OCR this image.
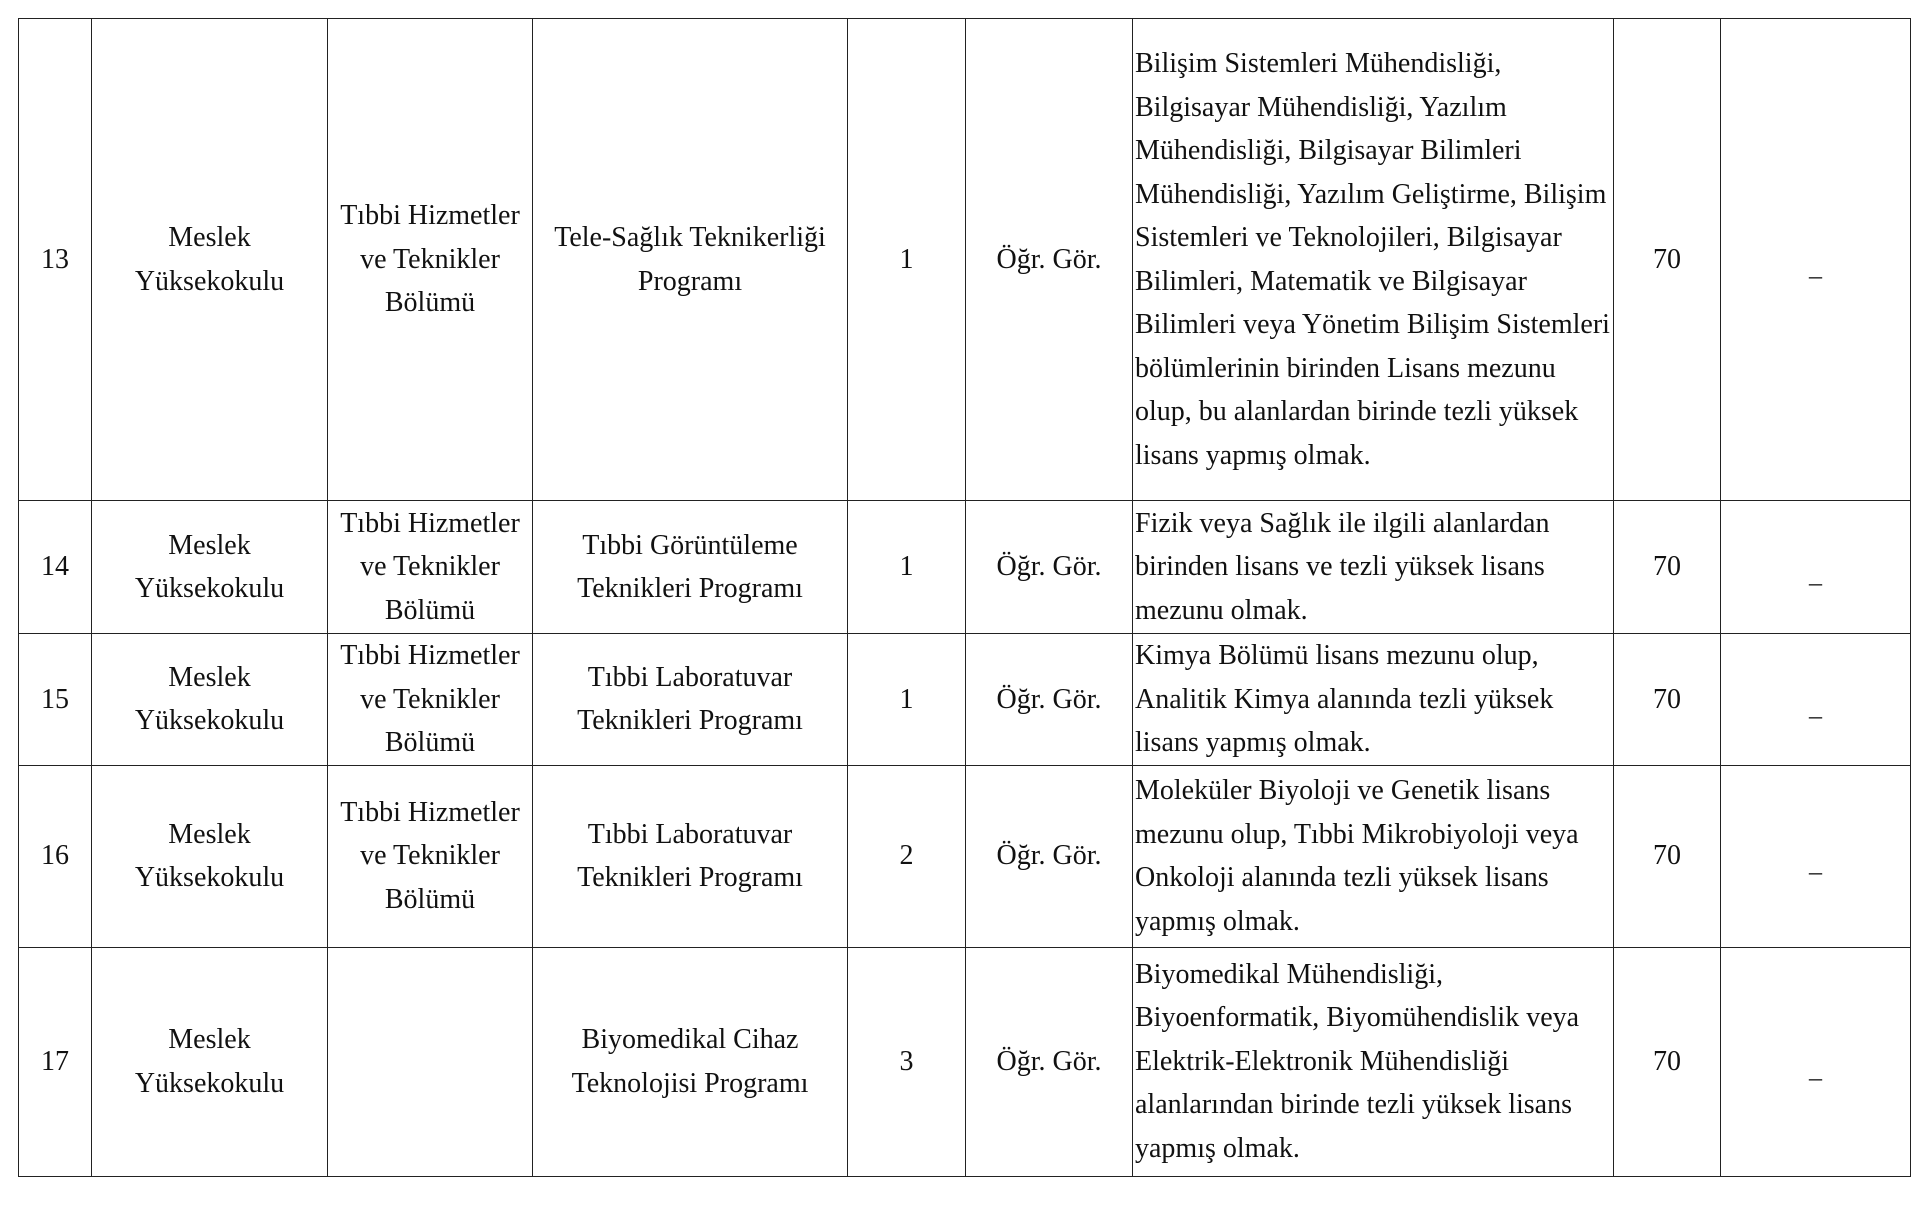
13	Meslek Yüksekokulu	Tıbbi Hizmetler ve Teknikler Bölümü	Tele-Sağlık Teknikerliği Programı	1	Öğr. Gör.	Bilişim Sistemleri Mühendisliği, Bilgisayar Mühendisliği, Yazılım Mühendisliği, Bilgisayar Bilimleri Mühendisliği, Yazılım Geliştirme, Bilişim Sistemleri ve Teknolojileri, Bilgisayar Bilimleri, Matematik ve Bilgisayar Bilimleri veya Yönetim Bilişim Sistemleri bölümlerinin birinden Lisans mezunu olup, bu alanlardan birinde tezli yüksek lisans yapmış olmak.	70	_
14	Meslek Yüksekokulu	Tıbbi Hizmetler ve Teknikler Bölümü	Tıbbi Görüntüleme Teknikleri Programı	1	Öğr. Gör.	Fizik veya Sağlık ile ilgili alanlardan birinden lisans ve tezli yüksek lisans mezunu olmak.	70	_
15	Meslek Yüksekokulu	Tıbbi Hizmetler ve Teknikler Bölümü	Tıbbi Laboratuvar Teknikleri Programı	1	Öğr. Gör.	Kimya Bölümü lisans mezunu olup, Analitik Kimya alanında tezli yüksek lisans yapmış olmak.	70	_
16	Meslek Yüksekokulu	Tıbbi Hizmetler ve Teknikler Bölümü	Tıbbi Laboratuvar Teknikleri Programı	2	Öğr. Gör.	Moleküler Biyoloji ve Genetik lisans mezunu olup, Tıbbi Mikrobiyoloji veya Onkoloji alanında tezli yüksek lisans yapmış olmak.	70	_
17	Meslek Yüksekokulu		Biyomedikal Cihaz Teknolojisi Programı	3	Öğr. Gör.	Biyomedikal Mühendisliği, Biyoenformatik, Biyomühendislik veya Elektrik-Elektronik Mühendisliği alanlarından birinde tezli yüksek lisans yapmış olmak.	70	_
